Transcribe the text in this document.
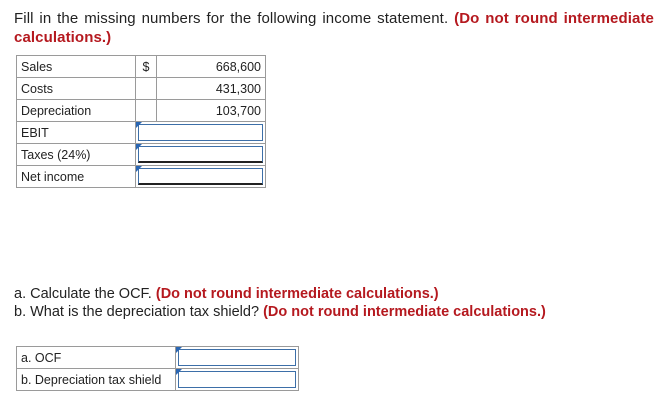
Fill in the missing numbers for the following income statement. (Do not round intermediate calculations.)
Sales	$	668,600
Costs		431,300
Depreciation		103,700
EBIT		

Taxes (24%)		

Net income		
a. Calculate the OCF. (Do not round intermediate calculations.)
b. What is the depreciation tax shield? (Do not round intermediate calculations.)
a. OCF	

b. Depreciation tax shield	
